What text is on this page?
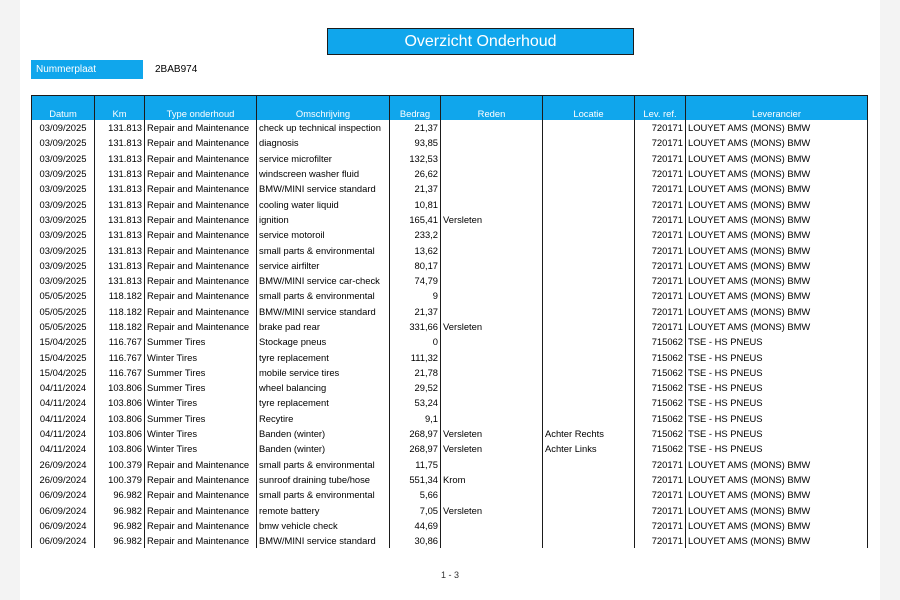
Overzicht Onderhoud
Nummerplaat	2BAB974

Datum	Km	Type onderhoud	Omschrijving	Bedrag	Reden	Locatie	Lev. ref.	Leverancier
03/09/2025	131.813	Repair and Maintenance	check up technical inspection	21,37			720171	LOUYET AMS (MONS) BMW
03/09/2025	131.813	Repair and Maintenance	diagnosis	93,85			720171	LOUYET AMS (MONS) BMW
03/09/2025	131.813	Repair and Maintenance	service microfilter	132,53			720171	LOUYET AMS (MONS) BMW
03/09/2025	131.813	Repair and Maintenance	windscreen washer fluid	26,62			720171	LOUYET AMS (MONS) BMW
03/09/2025	131.813	Repair and Maintenance	BMW/MINI service standard	21,37			720171	LOUYET AMS (MONS) BMW
03/09/2025	131.813	Repair and Maintenance	cooling water liquid	10,81			720171	LOUYET AMS (MONS) BMW
03/09/2025	131.813	Repair and Maintenance	ignition	165,41	Versleten		720171	LOUYET AMS (MONS) BMW
03/09/2025	131.813	Repair and Maintenance	service motoroil	233,2			720171	LOUYET AMS (MONS) BMW
03/09/2025	131.813	Repair and Maintenance	small parts & environmental	13,62			720171	LOUYET AMS (MONS) BMW
03/09/2025	131.813	Repair and Maintenance	service airfilter	80,17			720171	LOUYET AMS (MONS) BMW
03/09/2025	131.813	Repair and Maintenance	BMW/MINI service car-check	74,79			720171	LOUYET AMS (MONS) BMW
05/05/2025	118.182	Repair and Maintenance	small parts & environmental	9			720171	LOUYET AMS (MONS) BMW
05/05/2025	118.182	Repair and Maintenance	BMW/MINI service standard	21,37			720171	LOUYET AMS (MONS) BMW
05/05/2025	118.182	Repair and Maintenance	brake pad rear	331,66	Versleten		720171	LOUYET AMS (MONS) BMW
15/04/2025	116.767	Summer Tires	Stockage pneus	0			715062	TSE - HS PNEUS
15/04/2025	116.767	Winter Tires	tyre replacement	111,32			715062	TSE - HS PNEUS
15/04/2025	116.767	Summer Tires	mobile service tires	21,78			715062	TSE - HS PNEUS
04/11/2024	103.806	Summer Tires	wheel balancing	29,52			715062	TSE - HS PNEUS
04/11/2024	103.806	Winter Tires	tyre replacement	53,24			715062	TSE - HS PNEUS
04/11/2024	103.806	Summer Tires	Recytire	9,1			715062	TSE - HS PNEUS
04/11/2024	103.806	Winter Tires	Banden (winter)	268,97	Versleten	Achter Rechts	715062	TSE - HS PNEUS
04/11/2024	103.806	Winter Tires	Banden (winter)	268,97	Versleten	Achter Links	715062	TSE - HS PNEUS
26/09/2024	100.379	Repair and Maintenance	small parts & environmental	11,75			720171	LOUYET AMS (MONS) BMW
26/09/2024	100.379	Repair and Maintenance	sunroof draining tube/hose	551,34	Krom		720171	LOUYET AMS (MONS) BMW
06/09/2024	96.982	Repair and Maintenance	small parts & environmental	5,66			720171	LOUYET AMS (MONS) BMW
06/09/2024	96.982	Repair and Maintenance	remote battery	7,05	Versleten		720171	LOUYET AMS (MONS) BMW
06/09/2024	96.982	Repair and Maintenance	bmw vehicle check	44,69			720171	LOUYET AMS (MONS) BMW
06/09/2024	96.982	Repair and Maintenance	BMW/MINI service standard	30,86			720171	LOUYET AMS (MONS) BMW
1 - 3
